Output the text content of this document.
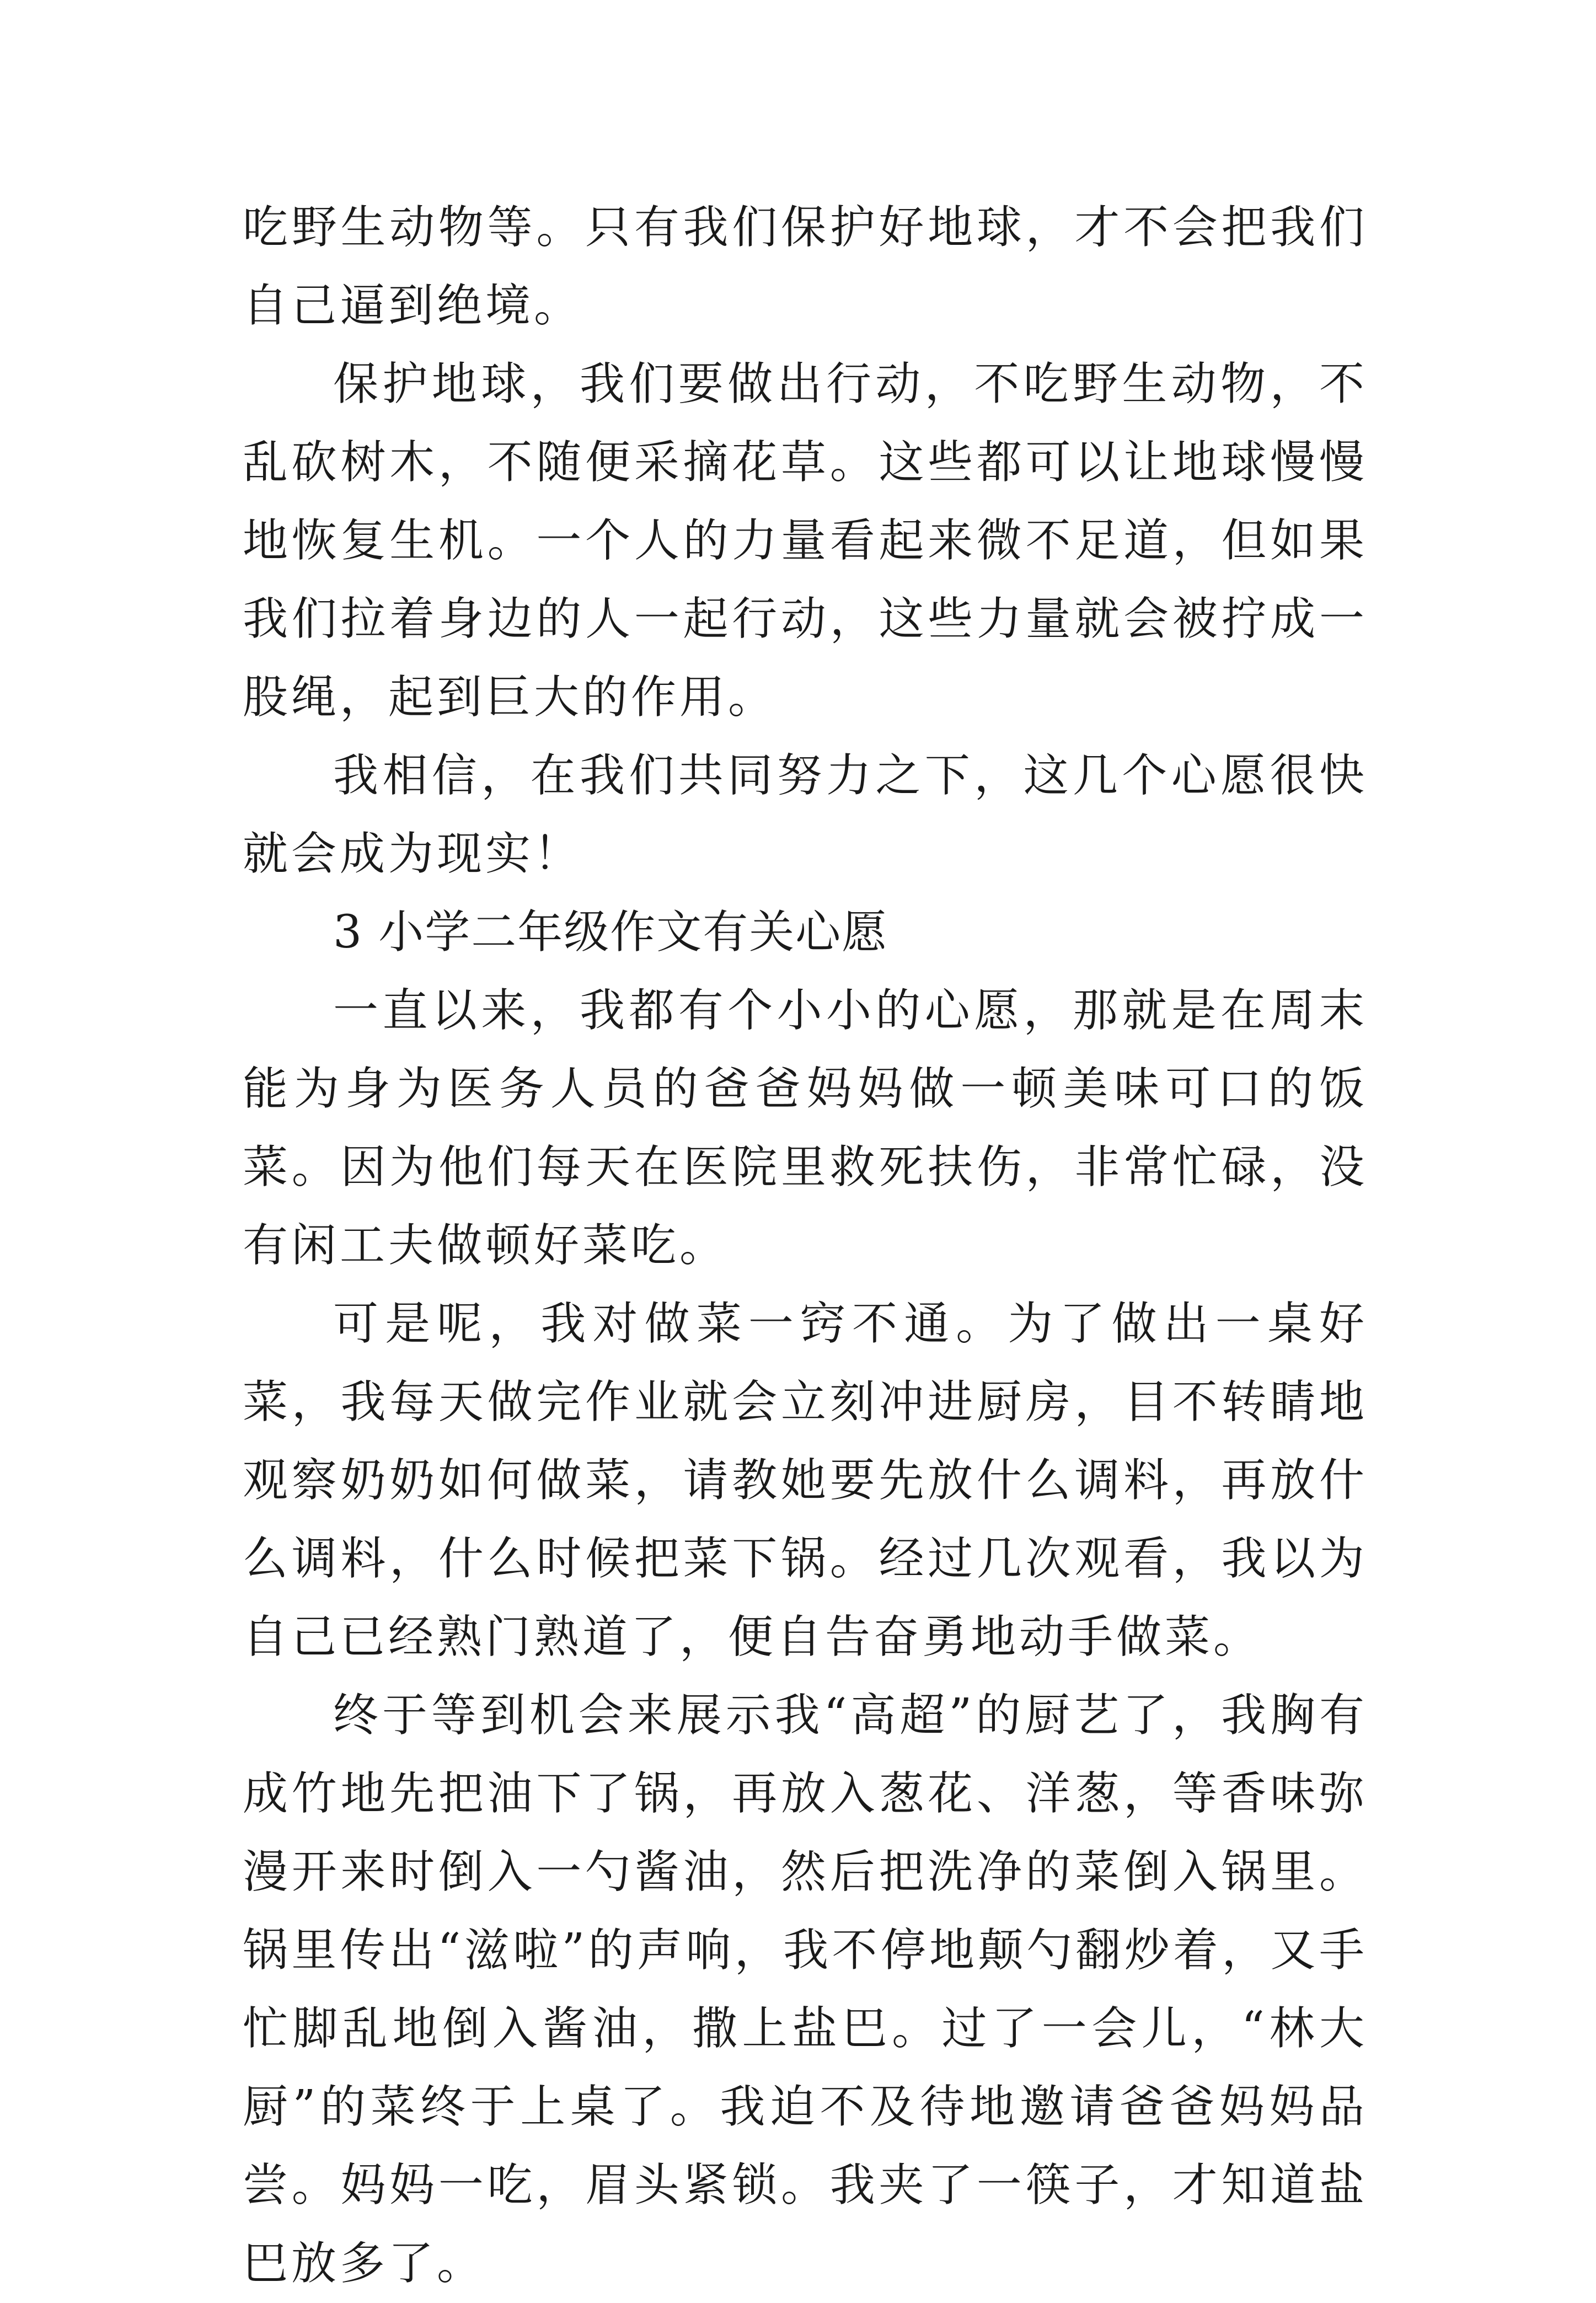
吃野生动物等。只有我们保护好地球，才不会把我们自己逼到绝境。

保护地球，我们要做出行动，不吃野生动物，不乱砍树木，不随便采摘花草。这些都可以让地球慢慢地恢复生机。一个人的力量看起来微不足道，但如果我们拉着身边的人一起行动，这些力量就会被拧成一股绳，起到巨大的作用。

我相信，在我们共同努力之下，这几个心愿很快就会成为现实！

3 小学二年级作文有关心愿

一直以来，我都有个小小的心愿，那就是在周末能为身为医务人员的爸爸妈妈做一顿美味可口的饭菜。因为他们每天在医院里救死扶伤，非常忙碌，没有闲工夫做顿好菜吃。

可是呢，我对做菜一窍不通。为了做出一桌好菜，我每天做完作业就会立刻冲进厨房，目不转睛地观察奶奶如何做菜，请教她要先放什么调料，再放什么调料，什么时候把菜下锅。经过几次观看，我以为自己已经熟门熟道了，便自告奋勇地动手做菜。

终于等到机会来展示我“高超”的厨艺了，我胸有成竹地先把油下了锅，再放入葱花、洋葱，等香味弥漫开来时倒入一勺酱油，然后把洗净的菜倒入锅里。锅里传出“滋啦”的声响，我不停地颠勺翻炒着，又手忙脚乱地倒入酱油，撒上盐巴。过了一会儿，“林大厨”的菜终于上桌了。我迫不及待地邀请爸爸妈妈品尝。妈妈一吃，眉头紧锁。我夹了一筷子，才知道盐巴放多了。
